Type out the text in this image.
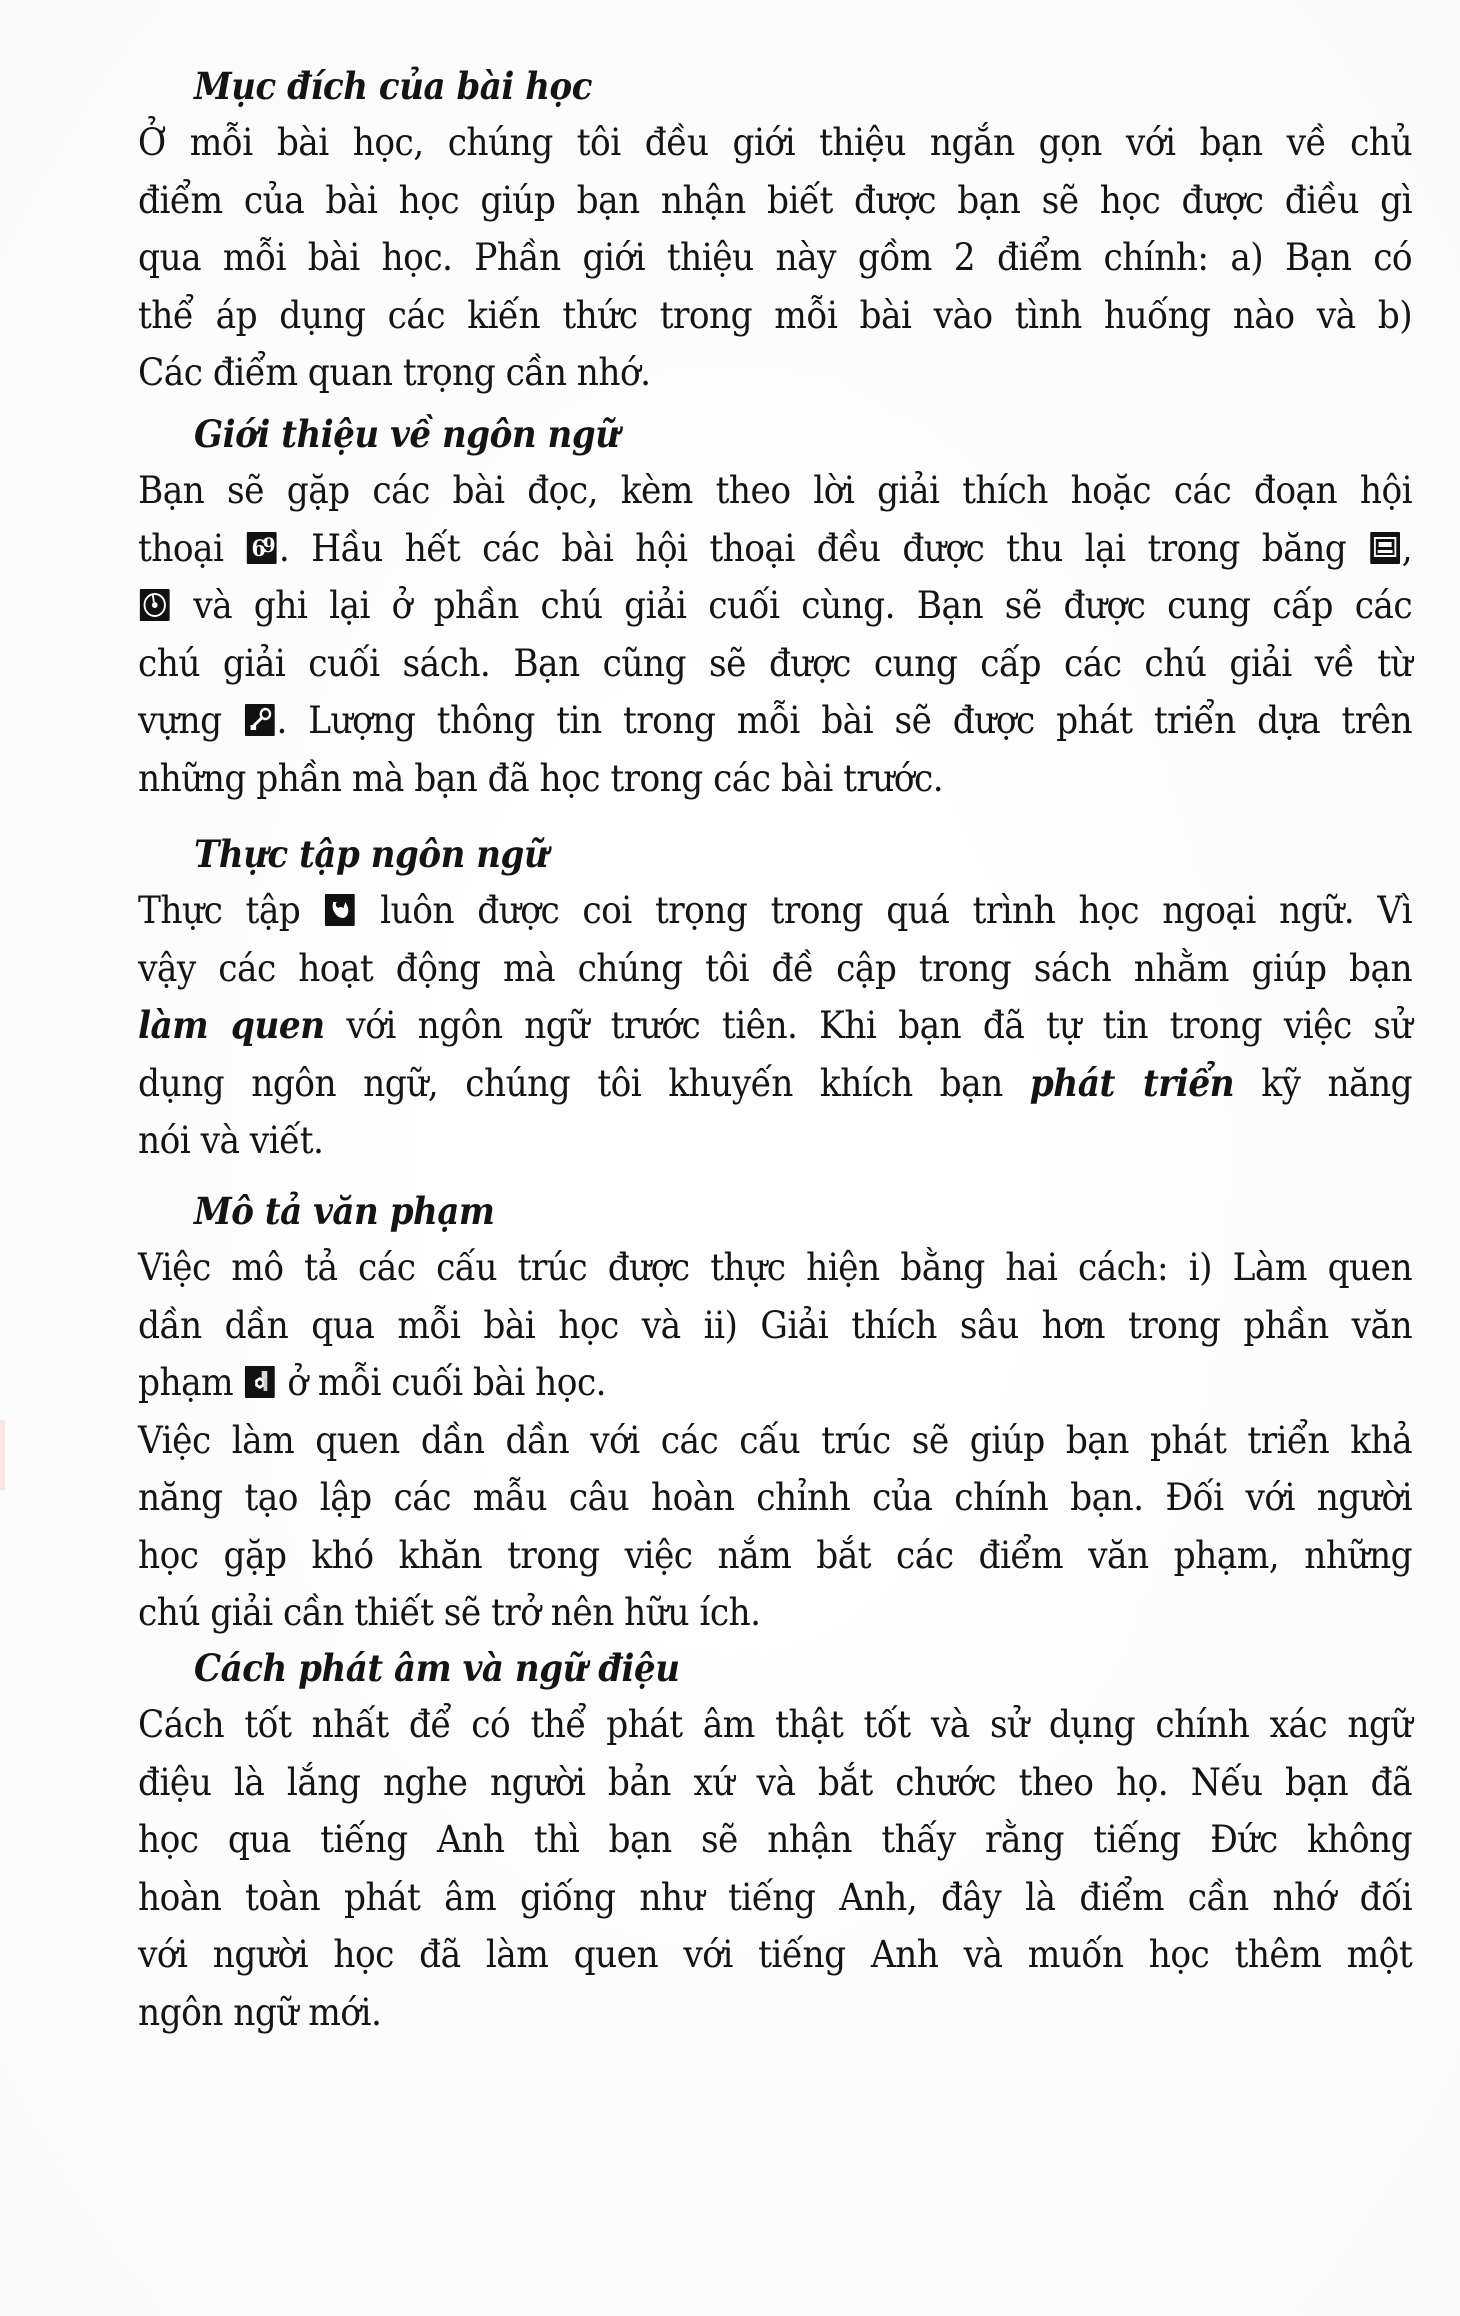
Mục đích của bài học
Ở mỗi bài học, chúng tôi đều giới thiệu ngắn gọn với bạn về chủ
điểm của bài học giúp bạn nhận biết được bạn sẽ học được điều gì
qua mỗi bài học. Phần giới thiệu này gồm 2 điểm chính: a) Bạn có
thể áp dụng các kiến thức trong mỗi bài vào tình huống nào và b)
Các điểm quan trọng cần nhớ.
Giới thiệu về ngôn ngữ
Bạn sẽ gặp các bài đọc, kèm theo lời giải thích hoặc các đoạn hội
thoại 6
9 . Hầu hết các bài hội thoại đều được thu lại trong băng ,
và ghi lại ở phần chú giải cuối cùng. Bạn sẽ được cung cấp các
chú giải cuối sách. Bạn cũng sẽ được cung cấp các chú giải về từ
vựng . Lượng thông tin trong mỗi bài sẽ được phát triển dựa trên
những phần mà bạn đã học trong các bài trước.
Thực tập ngôn ngữ
Thực tập
luôn được coi trọng trong quá trình học ngoại ngữ. Vì
vậy các hoạt động mà chúng tôi đề cập trong sách nhằm giúp bạn
làm quen với ngôn ngữ trước tiên. Khi bạn đã tự tin trong việc sử
dụng ngôn ngữ, chúng tôi khuyến khích bạn phát triển kỹ năng
nói và viết.
Mô tả văn phạm
Việc mô tả các cấu trúc được thực hiện bằng hai cách: i) Làm quen
dần dần qua mỗi bài học và ii) Giải thích sâu hơn trong phần văn
phạm
ở mỗi cuối bài học.
Việc làm quen dần dần với các cấu trúc sẽ giúp bạn phát triển khả
năng tạo lập các mẫu câu hoàn chỉnh của chính bạn. Đối với người
học gặp khó khăn trong việc nắm bắt các điểm văn phạm, những
chú giải cần thiết sẽ trở nên hữu ích.
Cách phát âm và ngữ điệu
Cách tốt nhất để có thể phát âm thật tốt và sử dụng chính xác ngữ
điệu là lắng nghe người bản xứ và bắt chước theo họ. Nếu bạn đã
học qua tiếng Anh thì bạn sẽ nhận thấy rằng tiếng Đức không
hoàn toàn phát âm giống như tiếng Anh, đây là điểm cần nhớ đối
với người học đã làm quen với tiếng Anh và muốn học thêm một
ngôn ngữ mới.
